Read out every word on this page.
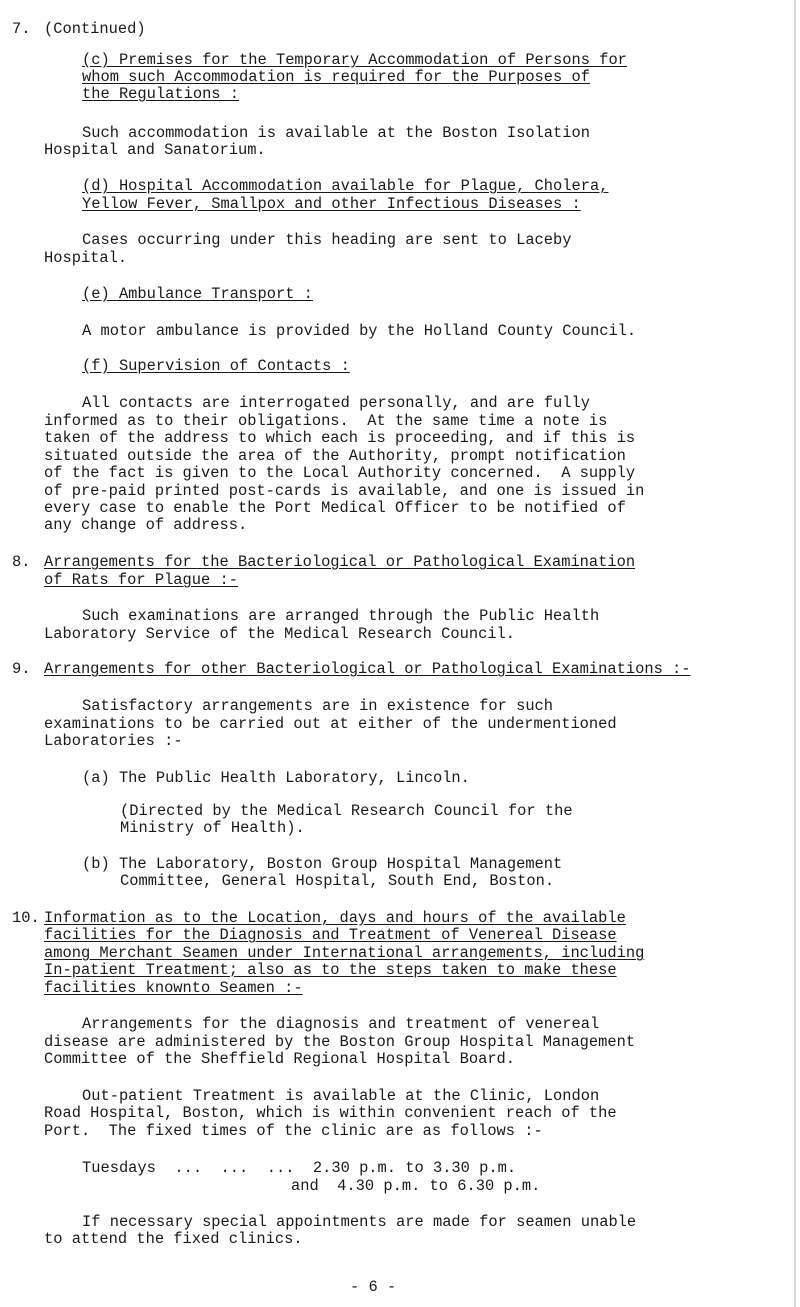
7. (Continued)
(c) Premises for the Temporary Accommodation of Persons for
whom such Accommodation is required for the Purposes of
the Regulations :
Such accommodation is available at the Boston Isolation
Hospital and Sanatorium.
(d) Hospital Accommodation available for Plague, Cholera,
Yellow Fever, Smallpox and other Infectious Diseases :
Cases occurring under this heading are sent to Laceby
Hospital.
(e) Ambulance Transport :
A motor ambulance is provided by the Holland County Council.
(f) Supervision of Contacts :
All contacts are interrogated personally, and are fully
informed as to their obligations.  At the same time a note is
taken of the address to which each is proceeding, and if this is
situated outside the area of the Authority, prompt notification
of the fact is given to the Local Authority concerned.  A supply
of pre-paid printed post-cards is available, and one is issued in
every case to enable the Port Medical Officer to be notified of
any change of address.
8. Arrangements for the Bacteriological or Pathological Examination
of Rats for Plague :-
Such examinations are arranged through the Public Health
Laboratory Service of the Medical Research Council.
9. Arrangements for other Bacteriological or Pathological Examinations :-
Satisfactory arrangements are in existence for such
examinations to be carried out at either of the undermentioned
Laboratories :-
(a) The Public Health Laboratory, Lincoln.
(Directed by the Medical Research Council for the
Ministry of Health).
(b) The Laboratory, Boston Group Hospital Management
Committee, General Hospital, South End, Boston.
10. Information as to the Location, days and hours of the available
facilities for the Diagnosis and Treatment of Venereal Disease
among Merchant Seamen under International arrangements, including
In-patient Treatment; also as to the steps taken to make these
facilities knownto Seamen :-
Arrangements for the diagnosis and treatment of venereal
disease are administered by the Boston Group Hospital Management
Committee of the Sheffield Regional Hospital Board.
Out-patient Treatment is available at the Clinic, London
Road Hospital, Boston, which is within convenient reach of the
Port.  The fixed times of the clinic are as follows :-
Tuesdays  ...  ...  ...  2.30 p.m. to 3.30 p.m.
and  4.30 p.m. to 6.30 p.m.
If necessary special appointments are made for seamen unable
to attend the fixed clinics.
- 6 -
